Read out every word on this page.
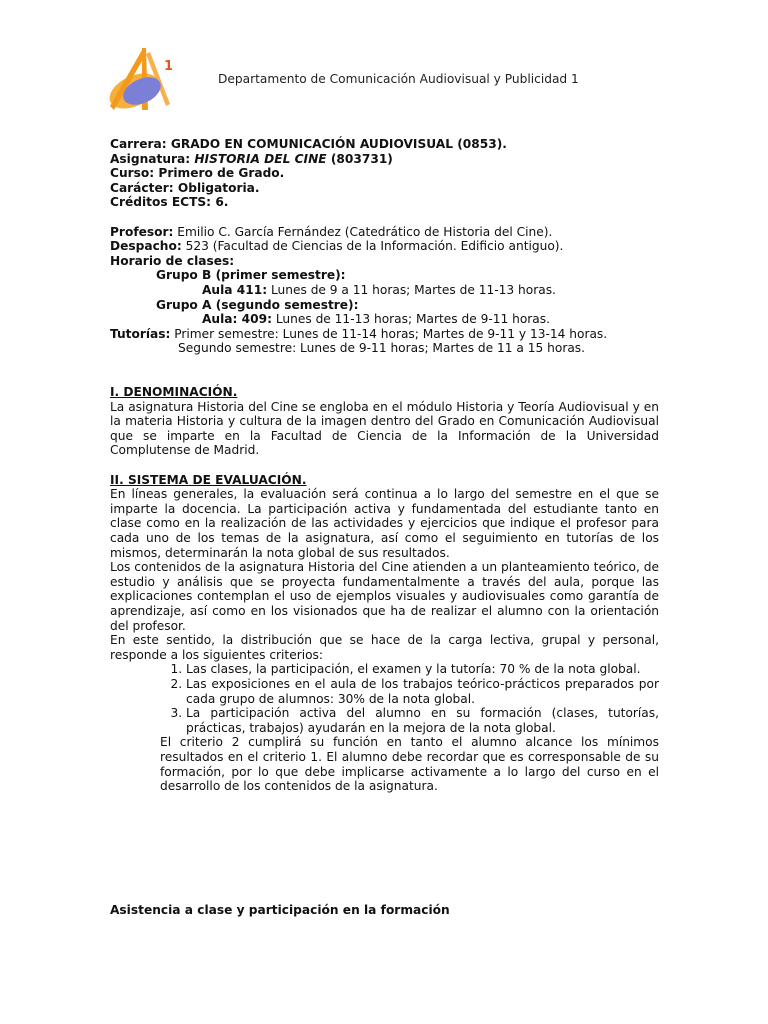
1
Departamento de Comunicación Audiovisual y Publicidad 1
Carrera: GRADO EN COMUNICACIÓN AUDIOVISUAL (0853).
Asignatura: HISTORIA DEL CINE (803731)
Curso: Primero de Grado.
Carácter: Obligatoria.
Créditos ECTS: 6.
Profesor: Emilio C. García Fernández (Catedrático de Historia del Cine).
Despacho: 523 (Facultad de Ciencias de la Información. Edificio antiguo).
Horario de clases:
Grupo B (primer semestre):
Aula 411: Lunes de 9 a 11 horas; Martes de 11-13 horas.
Grupo A (segundo semestre):
Aula: 409: Lunes de 11-13 horas; Martes de 9-11 horas.
Tutorías: Primer semestre: Lunes de 11-14 horas; Martes de 9-11 y 13-14 horas.
Segundo semestre: Lunes de 9-11 horas; Martes de 11 a 15 horas.
I. DENOMINACIÓN.
La asignatura Historia del Cine se engloba en el módulo Historia y Teoría Audiovisual y en la materia Historia y cultura de la imagen dentro del Grado en Comunicación Audiovisual que se imparte en la Facultad de Ciencia de la Información de la Universidad Complutense de Madrid.
II. SISTEMA DE EVALUACIÓN.
En líneas generales, la evaluación será continua a lo largo del semestre en el que se imparte la docencia. La participación activa y fundamentada del estudiante tanto en clase como en la realización de las actividades y ejercicios que indique el profesor para cada uno de los temas de la asignatura, así como el seguimiento en tutorías de los mismos, determinarán la nota global de sus resultados.
Los contenidos de la asignatura Historia del Cine atienden a un planteamiento teórico, de estudio y análisis que se proyecta fundamentalmente a través del aula, porque las explicaciones contemplan el uso de ejemplos visuales y audiovisuales como garantía de aprendizaje, así como en los visionados que ha de realizar el alumno con la orientación del profesor.
En este sentido, la distribución que se hace de la carga lectiva, grupal y personal, responde a los siguientes criterios:
1. Las clases, la participación, el examen y la tutoría: 70 % de la nota global.
2. Las exposiciones en el aula de los trabajos teórico-prácticos preparados por cada grupo de alumnos: 30% de la nota global.
3. La participación activa del alumno en su formación (clases, tutorías, prácticas, trabajos) ayudarán en la mejora de la nota global.
El criterio 2 cumplirá su función en tanto el alumno alcance los mínimos resultados en el criterio 1. El alumno debe recordar que es corresponsable de su formación, por lo que debe implicarse activamente a lo largo del curso en el desarrollo de los contenidos de la asignatura.
Asistencia a clase y participación en la formación
